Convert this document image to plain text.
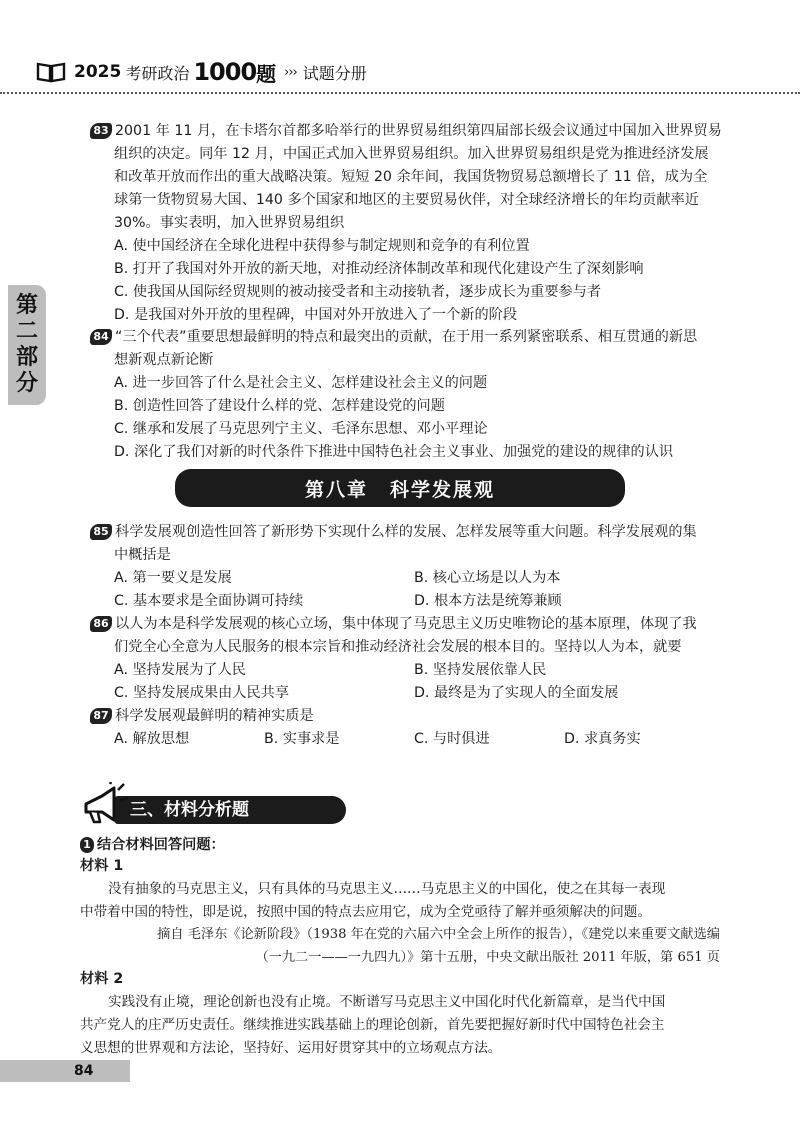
2025 考研政治 1000 题 ››› 试题分册
第
二
部
分
83 2001 年 11 月，在卡塔尔首都多哈举行的世界贸易组织第四届部长级会议通过中国加入世界贸易
组织的决定。同年 12 月，中国正式加入世界贸易组织。加入世界贸易组织是党为推进经济发展
和改革开放而作出的重大战略决策。短短 20 余年间，我国货物贸易总额增长了 11 倍，成为全
球第一货物贸易大国、140 多个国家和地区的主要贸易伙伴，对全球经济增长的年均贡献率近
30%。事实表明，加入世界贸易组织
A. 使中国经济在全球化进程中获得参与制定规则和竞争的有利位置
B. 打开了我国对外开放的新天地，对推动经济体制改革和现代化建设产生了深刻影响
C. 使我国从国际经贸规则的被动接受者和主动接轨者，逐步成长为重要参与者
D. 是我国对外开放的里程碑，中国对外开放进入了一个新的阶段
84 “三个代表”重要思想最鲜明的特点和最突出的贡献，在于用一系列紧密联系、相互贯通的新思
想新观点新论断
A. 进一步回答了什么是社会主义、怎样建设社会主义的问题
B. 创造性回答了建设什么样的党、怎样建设党的问题
C. 继承和发展了马克思列宁主义、毛泽东思想、邓小平理论
D. 深化了我们对新的时代条件下推进中国特色社会主义事业、加强党的建设的规律的认识
第八章 科学发展观
85 科学发展观创造性回答了新形势下实现什么样的发展、怎样发展等重大问题。科学发展观的集
中概括是
A. 第一要义是发展	B. 核心立场是以人为本
C. 基本要求是全面协调可持续	D. 根本方法是统筹兼顾
86 以人为本是科学发展观的核心立场，集中体现了马克思主义历史唯物论的基本原理，体现了我
们党全心全意为人民服务的根本宗旨和推动经济社会发展的根本目的。坚持以人为本，就要
A. 坚持发展为了人民	B. 坚持发展依靠人民
C. 坚持发展成果由人民共享	D. 最终是为了实现人的全面发展
87 科学发展观最鲜明的精神实质是
A. 解放思想	B. 实事求是	C. 与时俱进	D. 求真务实
三、材料分析题
1 结合材料回答问题：
材料 1

没有抽象的马克思主义，只有具体的马克思主义……马克思主义的中国化，使之在其每一表现

中带着中国的特性，即是说，按照中国的特点去应用它，成为全党亟待了解并亟须解决的问题。

摘自 毛泽东《论新阶段》（1938 年在党的六届六中全会上所作的报告），《建党以来重要文献选编
（一九二一——一九四九）》第十五册，中央文献出版社 2011 年版，第 651 页
材料 2

实践没有止境，理论创新也没有止境。不断谱写马克思主义中国化时代化新篇章，是当代中国

共产党人的庄严历史责任。继续推进实践基础上的理论创新，首先要把握好新时代中国特色社会主

义思想的世界观和方法论，坚持好、运用好贯穿其中的立场观点方法。

84
